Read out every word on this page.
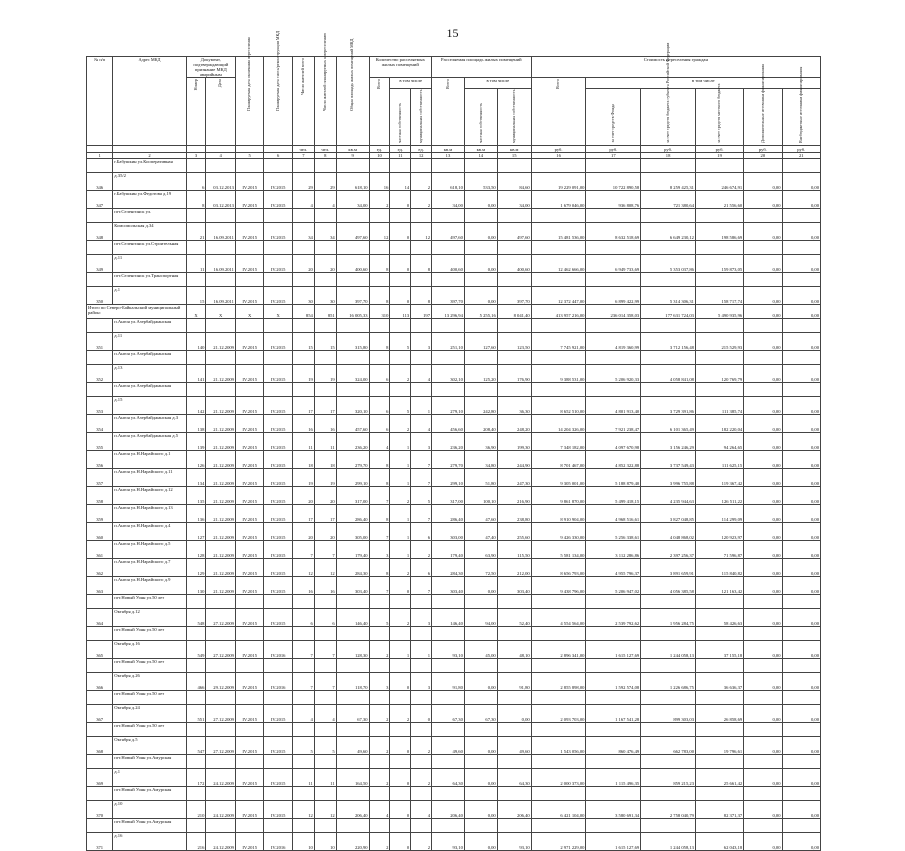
15
№ п/п	Адрес МКД	Документ, подтверждающий признание МКД аварийным		Планируемая дата окончания переселения	Планируемая дата сноса/реконструкции МКД	Число жителей всего	Число жителей планируемых к переселению	Общая площадь жилых помещений МКД	Количество расселяемых жилых помещений			Расселяемая площадь жилых помещений			Стоимость переселения граждан					
		Номер	Дата						Всего	в том числе		Всего	в том числе		Всего	в том числе				
										частная собственность	муниципальная собственность		частная собственность	муниципальная собственность		за счет средств Фонда	за счет средств бюджета субъекта Российской Федерации	за счет средств местного бюджета	Дополнительные источники финансирования	Внебюджетные источники финансирования
						чел.	чел.	кв.м	ед.	ед.	ед.	кв.м	кв.м	кв.м	руб.	руб.	руб.	руб.	руб.	руб.
1	2	3	4	5	6	7	8	9	10	11	12	13	14	15	16	17	18	19	20	21
	г.Бабушкин ул.Кооперативная																			
346	д.35/2	6	03.12.2013	IV.2015	IV.2015	29	29	618,10	16	14	2	618,10	533,50	84,60	19 229 091,00	10 722 890,58	8 259 425,31	246 674,91	0,00	0,00
347	г.Бабушкин ул.Федотова д.19	8	03.12.2013	IV.2015	IV.2015	4	4	34,00	2	0	2	34,00	0,00	34,00	1 679 046,00	936 808,76	721 380,64	21 556,60	0,00	0,00
	пгт.Селенгинск ул.																			
348	Комсомольская д.34	21	16.09.2011	IV.2015	IV.2015	34	34	497,60	12	0	12	497,60	0,00	497,60	15 481 536,00	8 632 518,69	6 649 230,12	198 586,69	0,00	0,00
	пгт.Селенгинск ул.Строительная																			
349	д.11	11	16.09.2011	IV.2015	IV.2015	20	20	400,60	8	0	8	400,60	0,00	400,60	12 462 666,00	6 949 733,69	5 353 037,86	159 873,05	0,00	0,00
	пгт.Селенгинск ул.Транспортная																			
350	д.1	15	16.09.2011	IV.2015	IV.2015	30	30	397,70	8	0	8	397,70	0,00	397,70	12 372 447,00	6 899 422,99	5 314 306,31	158 717,74	0,00	0,00
Итого по Северо-Байкальский муниципальный район:		X	X	X	X	854	851	16 005,33	310	113	197	13 296,94	5 255,16	8 041,40	413 957 216,00	236 014 358,03	177 631 724,03	5 490 935,96	0,00	0,00
	п.Ангоя ул.Азербайджанская																			
351	д.11	140	21.12.2009	IV.2015	IV.2015	15	15	315,80	8	5	3	251,10	127,60	123,50	7 745 921,00	4 819 360,99	3 712 156,48	215 529,93	0,00	0,00
	п.Ангоя ул.Азербайджанская																			
352	д.13	141	21.12.2009	IV.2015	IV.2015	19	19	324,00	6	2	4	302,10	125,20	176,90	9 388 531,00	5 206 920,33	4 058 841,08	120 769,79	0,00	0,00
	п.Ангоя ул.Азербайджанская																			
353	д.15	142	21.12.2009	IV.2015	IV.2015	17	17	320,10	6	5	1	279,10	242,80	36,30	8 652 510,00	4 801 913,40	3 729 391,86	111 385,74	0,00	0,00
354	п.Ангоя ул.Азербайджанская д.3	138	21.12.2009	IV.2015	IV.2015	16	16	457,60	6	2	4	456,60	208,40	248,20	14 204 326,00	7 921 238,47	6 101 365,49	182 220,04	0,00	0,00
355	п.Ангоя ул.Азербайджанская д.5	139	21.12.2009	IV.2015	IV.2015	11	11	236,20	4	1	3	236,20	36,90	199,30	7 348 182,00	4 097 670,98	3 156 246,29	94 264,65	0,00	0,00
356	п.Ангоя ул.Н.Нарайского д.1	126	21.12.2009	IV.2015	IV.2015	18	18	279,70	8	1	7	279,70	34,80	244,90	8 701 467,00	4 852 322,88	3 737 549,43	111 625,15	0,00	0,00
357	п.Ангоя ул.Н.Нарайского д.11	134	21.12.2009	IV.2015	IV.2015	19	19	299,10	8	1	7	299,10	51,80	247,30	9 305 001,00	5 188 879,40	3 996 755,88	119 367,42	0,00	0,00
358	п.Ангоя ул.Н.Нарайского д.12	135	21.12.2009	IV.2015	IV.2015	20	20	317,00	7	2	5	317,00	100,10	216,90	9 861 870,00	5 499 418,15	4 235 944,63	126 511,22	0,00	0,00
359	п.Ангоя ул.Н.Нарайского д.13	136	21.12.2009	IV.2015	IV.2015	17	17	286,40	8	1	7	286,40	47,60	238,80	8 910 904,00	4 968 516,61	3 827 048,85	114 299,09	0,00	0,00
360	п.Ангоя ул.Н.Нарайского д.4	127	21.12.2009	IV.2015	IV.2015	20	20	305,00	7	1	6	303,00	47,40	255,60	9 426 330,00	5 256 338,61	4 048 868,02	120 923,97	0,00	0,00
361	п.Ангоя ул.Н.Нарайского д.5	128	21.12.2009	IV.2015	IV.2015	7	7	179,40	3	1	2	179,40	63,90	115,50	5 581 134,00	3 112 286,86	2 397 256,37	71 596,87	0,00	0,00
362	п.Ангоя ул.Н.Нарайского д.7	129	21.12.2009	IV.2015	IV.2015	12	12	284,30	8	2	6	284,30	72,50	212,00	8 656 793,00	4 955 796,37	3 891 659,91	115 840,82	0,00	0,00
363	п.Ангоя ул.Н.Нарайского д.9	130	21.12.2009	IV.2015	IV.2015	16	16	303,40	7	0	7	303,40	0,00	303,40	9 438 796,00	5 206 947,02	4 056 385,58	121 163,42	0,00	0,00
	пгт.Новый Уоян ул.50 лет																			
364	Октября д.12	548	27.12.2009	IV.2015	IV.2015	6	6	146,40	5	2	3	146,40	94,00	52,40	4 554 564,00	2 539 792,62	1 956 284,75	58 426,63	0,00	0,00
	пгт.Новый Уоян ул.50 лет																			
365	Октября д.16	549	27.12.2009	IV.2015	IV.2016	7	7	128,30	2	1	1	93,10	45,00	48,10	2 896 341,00	1 615 127,69	1 244 058,13	37 155,18	0,00	0,00
	пгт.Новый Уоян ул.50 лет																			
366	Октября д.26	466	29.12.2009	IV.2015	IV.2016	7	7	118,70	3	0	3	91,80	0,00	91,80	2 855 898,00	1 592 574,08	1 226 686,75	36 636,37	0,00	0,00
	пгт.Новый Уоян ул.50 лет																			
367	Октября д.24	551	27.12.2009	IV.2015	IV.2015	4	4	67,30	2	2	0	67,30	67,30	0,00	2 093 703,00	1 167 541,28	899 303,03	26 858,69	0,00	0,00
	пгт.Новый Уоян ул.50 лет																			
368	Октября д.5	547	27.12.2009	IV.2015	IV.2015	5	5	49,60	2	0	2	49,60	0,00	49,60	1 543 056,00	860 476,49	662 783,00	19 796,61	0,00	0,00
	пгт.Новый Уоян ул.Амурская																			
369	д.1	172	24.12.2009	IV.2015	IV.2015	11	11	164,50	2	0	2	64,30	0,00	64,30	2 000 373,00	1 115 496,35	859 215,23	25 661,42	0,00	0,00
	пгт.Новый Уоян ул.Амурская																			
370	д.10	210	24.12.2009	IV.2015	IV.2015	12	12	206,40	4	0	4	206,40	0,00	206,40	6 421 104,00	3 580 691,34	2 758 040,79	82 371,37	0,00	0,00
	пгт.Новый Уоян ул.Амурская																			
371	д.16	216	24.12.2009	IV.2015	IV.2016	10	10	220,90	2	0	2	93,10	0,00	93,10	2 971 229,00	1 615 127,69	1 244 058,13	62 043,18	0,00	0,00
